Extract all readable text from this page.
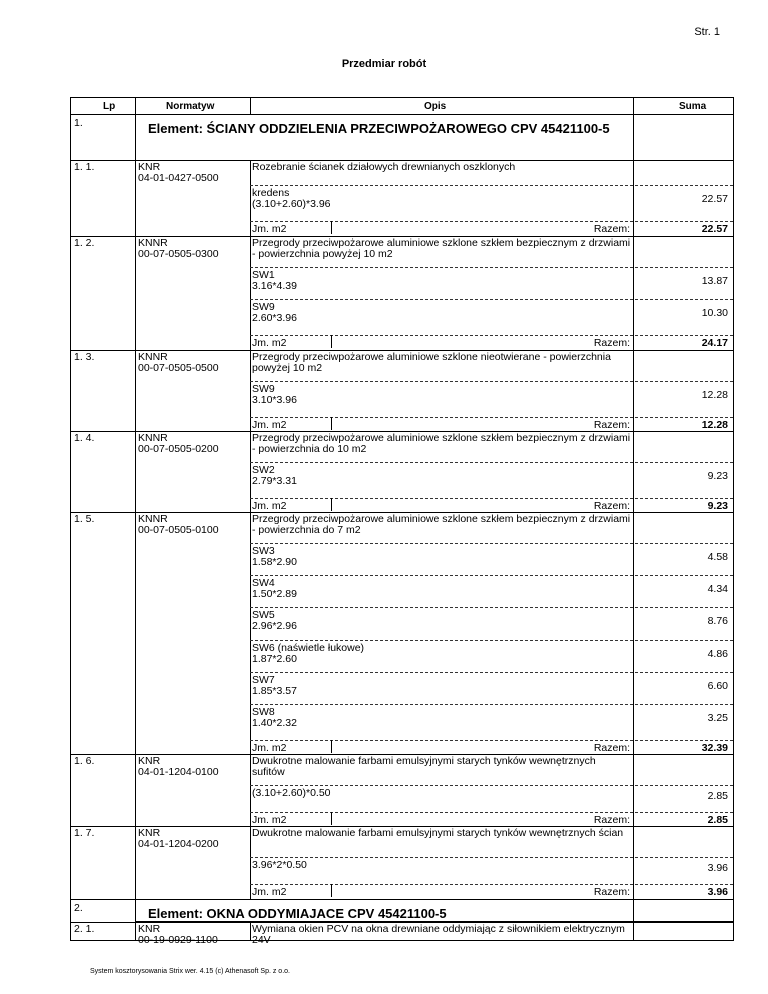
Str. 1
Przedmiar robót
Lp	Normatyw	Opis	Suma
1.	Element: ŚCIANY ODDZIELENIA PRZECIWPOŻAROWEGO CPV 45421100-5
1. 1.	KNR
04-01-0427-0500
Rozebranie ścianek działowych drewnianych oszklonych
kredens
(3.10+2.60)*3.96	22.57
Jm. m2	Razem:	22.57
1. 2.	KNNR
00-07-0505-0300
Przegrody przeciwpożarowe aluminiowe szklone szkłem bezpiecznym z drzwiami
- powierzchnia powyżej 10 m2
SW1
3.16*4.39	13.87
SW9
2.60*3.96	10.30
Jm. m2	Razem:	24.17
1. 3.	KNNR
00-07-0505-0500
Przegrody przeciwpożarowe aluminiowe szklone nieotwierane - powierzchnia
powyżej 10 m2
SW9
3.10*3.96	12.28
Jm. m2	Razem:	12.28
1. 4.	KNNR
00-07-0505-0200
Przegrody przeciwpożarowe aluminiowe szklone szkłem bezpiecznym z drzwiami
- powierzchnia do 10 m2
SW2
2.79*3.31	9.23
Jm. m2	Razem:	9.23
1. 5.	KNNR
00-07-0505-0100
Przegrody przeciwpożarowe aluminiowe szklone szkłem bezpiecznym z drzwiami
- powierzchnia do 7 m2
SW3
1.58*2.90	4.58
SW4
1.50*2.89	4.34
SW5
2.96*2.96	8.76
SW6 (naświetle łukowe)
1.87*2.60	4.86
SW7
1.85*3.57	6.60
SW8
1.40*2.32	3.25
Jm. m2	Razem:	32.39
1. 6.	KNR
04-01-1204-0100
Dwukrotne malowanie farbami emulsyjnymi starych tynków wewnętrznych
sufitów
(3.10+2.60)*0.50	2.85
Jm. m2	Razem:	2.85
1. 7.	KNR
04-01-1204-0200
Dwukrotne malowanie farbami emulsyjnymi starych tynków wewnętrznych ścian
3.96*2*0.50	3.96
Jm. m2	Razem:	3.96
2.	Element: OKNA ODDYMIAJACE CPV 45421100-5
2. 1.	KNR
00-19-0929-1100
Wymiana okien PCV na okna drewniane oddymiając z siłownikiem elektrycznym
24V
System kosztorysowania Strix wer. 4.15 (c) Athenasoft Sp. z o.o.
